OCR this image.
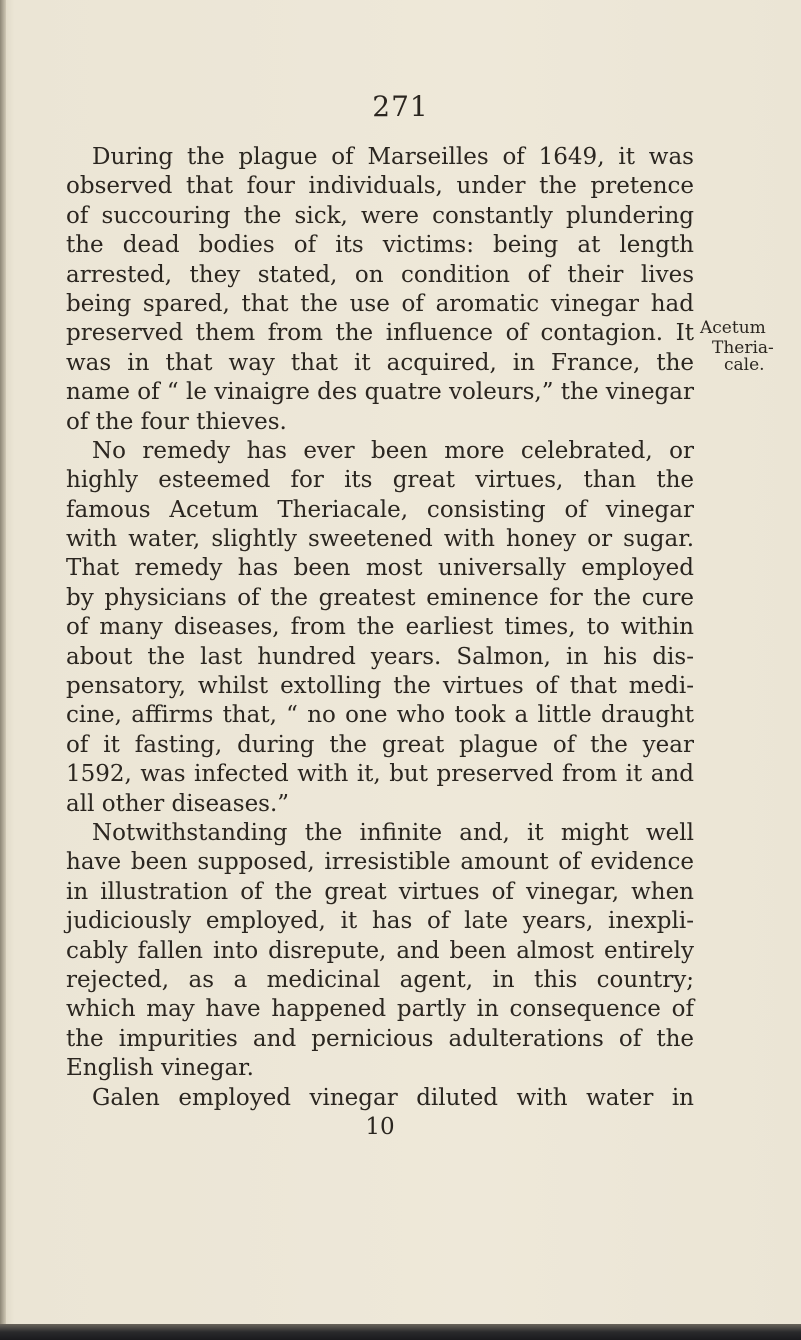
271
During the plague of Marseilles of 1649, it was
observed that four individuals, under the pretence
of succouring the sick, were constantly plundering
the dead bodies of its victims: being at length
arrested, they stated, on condition of their lives
being spared, that the use of aromatic vinegar had
preserved them from the influence of contagion. It
was in that way that it acquired, in France, the
name of “ le vinaigre des quatre voleurs,” the vinegar
of the four thieves.
No remedy has ever been more celebrated, or
highly esteemed for its great virtues, than the
famous Acetum Theriacale, consisting of vinegar
with water, slightly sweetened with honey or sugar.
That remedy has been most universally employed
by physicians of the greatest eminence for the cure
of many diseases, from the earliest times, to within
about the last hundred years. Salmon, in his dis-
pensatory, whilst extolling the virtues of that medi-
cine, affirms that, “ no one who took a little draught
of it fasting, during the great plague of the year
1592, was infected with it, but preserved from it and
all other diseases.”
Notwithstanding the infinite and, it might well
have been supposed, irresistible amount of evidence
in illustration of the great virtues of vinegar, when
judiciously employed, it has of late years, inexpli-
cably fallen into disrepute, and been almost entirely
rejected, as a medicinal agent, in this country;
which may have happened partly in consequence of
the impurities and pernicious adulterations of the
English vinegar.
Galen employed vinegar diluted with water in
10
Acetum
Theria-
cale.
